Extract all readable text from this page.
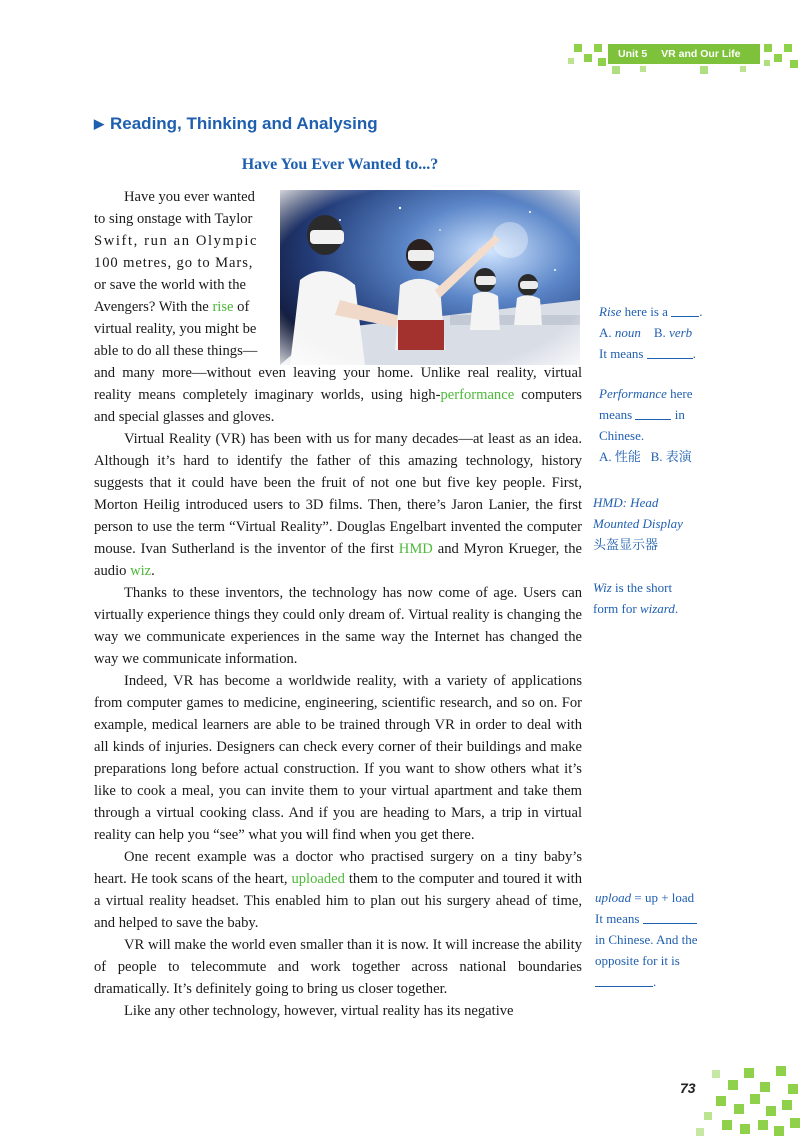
Unit 5 VR and Our Life
▶ Reading, Thinking and Analysing
Have You Ever Wanted to...?

Have you ever wanted

to sing onstage with Taylor
Swift, run an Olympic
100 metres, go to Mars,
or save the world with the
Avengers? With the rise of
virtual reality, you might be
able to do all these things—

and many more—without even leaving your home. Unlike real reality, virtual reality means completely imaginary worlds, using high-performance computers and special glasses and gloves.

Virtual Reality (VR) has been with us for many decades—at least as an idea. Although it’s hard to identify the father of this amazing technology, history suggests that it could have been the fruit of not one but five key people. First, Morton Heilig introduced users to 3D films. Then, there’s Jaron Lanier, the first person to use the term “Virtual Reality”. Douglas Engelbart invented the computer mouse. Ivan Sutherland is the inventor of the first HMD and Myron Krueger, the audio wiz.

Thanks to these inventors, the technology has now come of age. Users can virtually experience things they could only dream of. Virtual reality is changing the way we communicate experiences in the same way the Internet has changed the way we communicate information.

Indeed, VR has become a worldwide reality, with a variety of applications from computer games to medicine, engineering, scientific research, and so on. For example, medical learners are able to be trained through VR in order to deal with all kinds of injuries. Designers can check every corner of their buildings and make preparations long before actual construction. If you want to show others what it’s like to cook a meal, you can invite them to your virtual apartment and take them through a virtual cooking class. And if you are heading to Mars, a trip in virtual reality can help you “see” what you will find when you get there.

One recent example was a doctor who practised surgery on a tiny baby’s heart. He took scans of the heart, uploaded them to the computer and toured it with a virtual reality headset. This enabled him to plan out his surgery ahead of time, and helped to save the baby.

VR will make the world even smaller than it is now. It will increase the ability of people to telecommute and work together across national boundaries dramatically. It’s definitely going to bring us closer together.

Like any other technology, however, virtual reality has its negative

Rise here is a .
A. noun B. verb
It means	.
Performance here
means	in
Chinese.
A. 性能 B. 表演
HMD: Head
Mounted Display
头盔显示器
Wiz is the short
form for wizard.
upload = up + load
It means
in Chinese. And the
opposite for it is
.
73
